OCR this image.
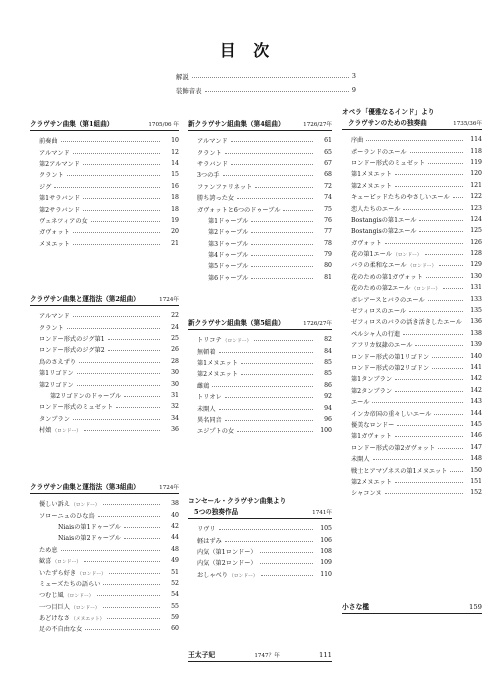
目 次
解説	3
装飾音表	9
クラヴサン曲集（第1組曲）	1705/06 年
前奏曲	10
アルマンド	12
第2アルマンド	14
クラント	15
ジグ	16
第1サラバンド	18
第2サラバンド	18
ヴェネツィアの女	19
ガヴォット	20
メヌエット	21
クラヴサン曲集と運指法（第2組曲）	1724年
アルマンド	22
クラント	24
ロンドー形式のジグ第1	25
ロンドー形式のジグ第2	26
鳥のさえずり	28
第1リゴドン	30
第2リゴドン	30
第2リゴドンのドゥーブル	31
ロンドー形式のミュゼット	32
タンブラン	34
村娘（ロンドー）	36
クラヴサン曲集と運指法（第3組曲）	1724年
優しい訴え（ロンドー）	38
ソローニュのひな鳥	40
Niaisの第1ドゥーブル	42
Niaisの第2ドゥーブル	44
ため息	48
歓喜（ロンドー）	49
いたずら好き（ロンドー）	51
ミューズたちの語らい	52
つむじ風（ロンドー）	54
一つ目巨人（ロンドー）	55
あどけなさ（メヌエット）	59
足の不自由な女	60
新クラヴサン組曲集（第4組曲）	1726/27年
アルマンド	61
クラント	65
サラバンド	67
3つの手	68
ファンファリネット	72
勝ち誇った女	74
ガヴォットと6つのドゥーブル	75
第1ドゥーブル	76
第2ドゥーブル	77
第3ドゥーブル	78
第4ドゥーブル	79
第5ドゥーブル	80
第6ドゥーブル	81
新クラヴサン組曲集（第5組曲）	1726/27年
トリコテ（ロンドー）	82
無頓着	84
第1メヌエット	85
第2メヌエット	85
雌鶏	86
トリオレ	92
未開人	94
異名同音	96
エジプトの女	100
コンセール・クラヴサン曲集より
5つの独奏作品	1741年
リヴリ	105
軽はずみ	106
内気（第1ロンドー）	108
内気（第2ロンドー）	109
おしゃべり（ロンドー）	110
王太子妃	1747？年	111
オペラ「優雅なるインド」より
クラヴサンのための独奏曲	1735/36年
序曲	114
ポーランドのエール	118
ロンドー形式のミュゼット	119
第1メヌエット	120
第2メヌエット	121
キューピッドたちのやさしいエール	122
恋人たちのエール	123
Bostangisの第1エール	124
Bostangisの第2エール	125
ガヴォット	126
花の第1エール（ロンドー）	128
バラの柔和なエール（ロンドー）	129
花のための第1ガヴォット	130
花のための第2エール（ロンドー）	131
ボレアースとバラのエール	133
ゼフィロスのエール	135
ゼフィロスのバラの活き活きしたエール	136
ペルシャ人の行進	138
アフリカ奴隷のエール	139
ロンドー形式の第1リゴドン	140
ロンドー形式の第2リゴドン	141
第1タンブラン	142
第2タンブラン	142
エール	143
インカ帝国の重々しいエール	144
優美なロンドー	145
第1ガヴォット	146
ロンドー形式の第2ガヴォット	147
未開人	148
戦士とアマゾネスの第1メヌエット	150
第2メヌエット	151
シャコンヌ	152
小さな檻	159
